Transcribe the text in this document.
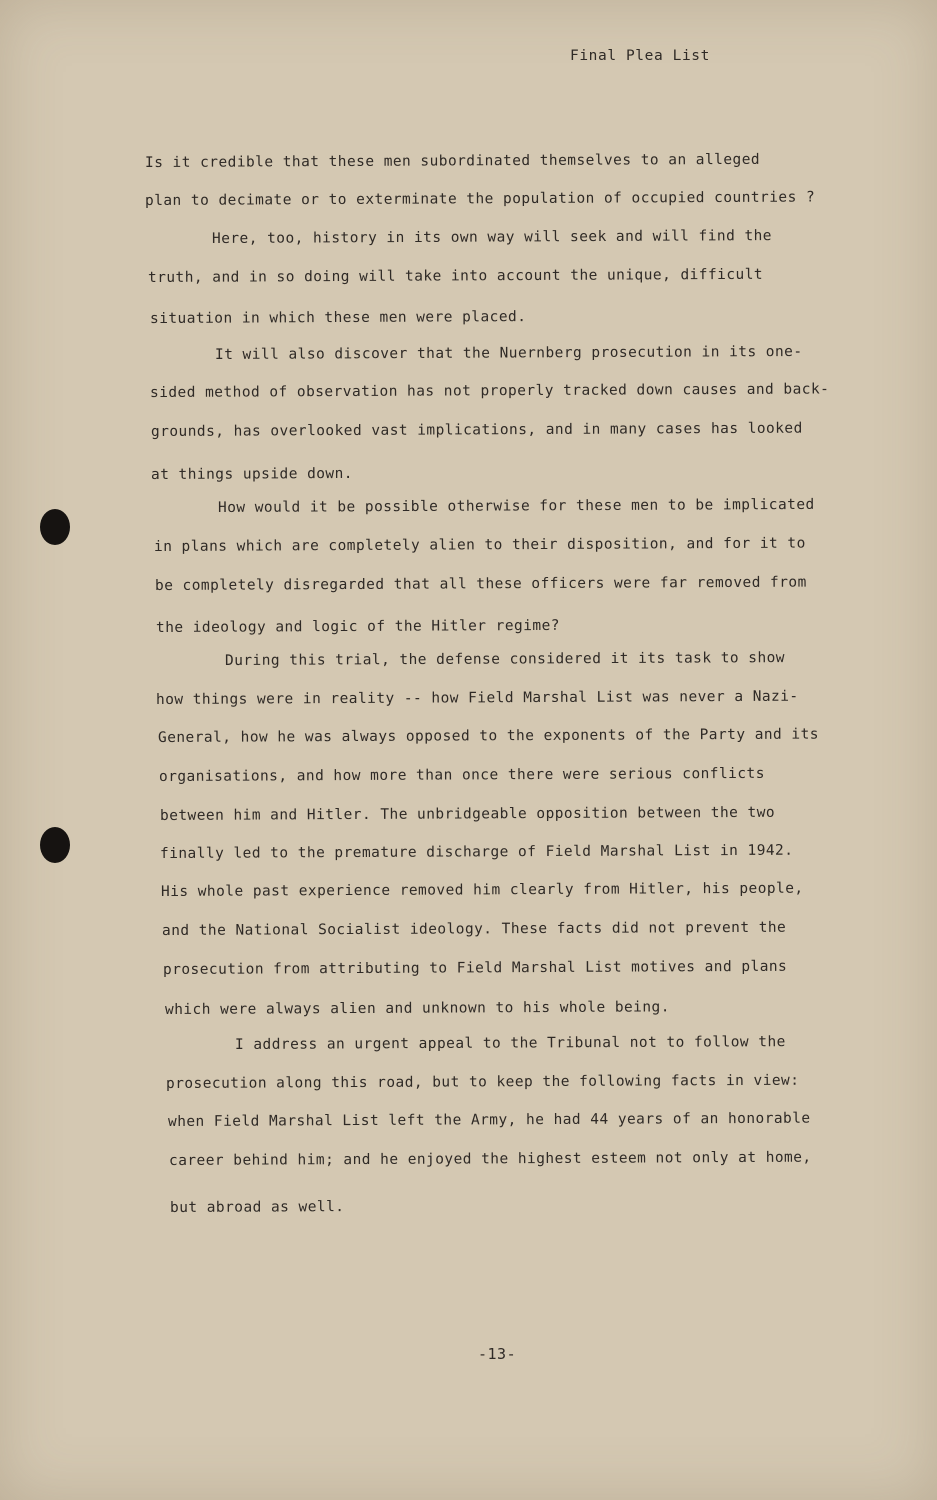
Final Plea List
Is it credible that these men subordinated themselves to an alleged
plan to decimate or to exterminate the population of occupied countries ?
Here, too, history in its own way will seek and will find the
truth, and in so doing will take into account the unique, difficult
situation in which these men were placed.
It will also discover that the Nuernberg prosecution in its one-
sided method of observation has not properly tracked down causes and back-
grounds, has overlooked vast implications, and in many cases has looked
at things upside down.
How would it be possible otherwise for these men to be implicated
in plans which are completely alien to their disposition, and for it to
be completely disregarded that all these officers were far removed from
the ideology and logic of the Hitler regime?
During this trial, the defense considered it its task to show
how things were in reality -- how Field Marshal List was never a Nazi-
General, how he was always opposed to the exponents of the Party and its
organisations, and how more than once there were serious conflicts
between him and Hitler. The unbridgeable opposition between the two
finally led to the premature discharge of Field Marshal List in 1942.
His whole past experience removed him clearly from Hitler, his people,
and the National Socialist ideology. These facts did not prevent the
prosecution from attributing to Field Marshal List motives and plans
which were always alien and unknown to his whole being.
I address an urgent appeal to the Tribunal not to follow the
prosecution along this road, but to keep the following facts in view:
when Field Marshal List left the Army, he had 44 years of an honorable
career behind him; and he enjoyed the highest esteem not only at home,
but abroad as well.
-13-
